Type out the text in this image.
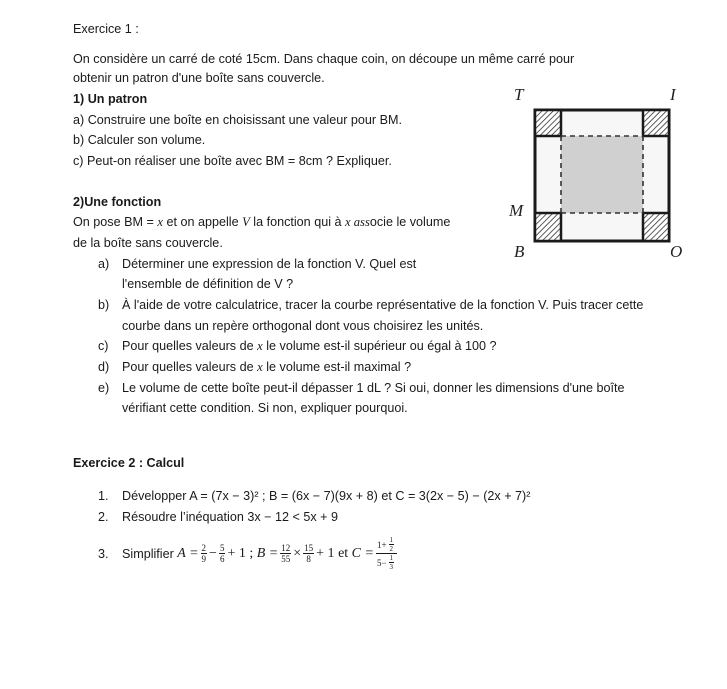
Exercice 1 :
On considère un carré de coté 15cm. Dans chaque coin, on découpe un même carré pour
obtenir un patron d'une boîte sans couvercle.
1) Un patron
a) Construire une boîte en choisissant une valeur pour BM.
b) Calculer son volume.
c) Peut-on réaliser une boîte avec BM = 8cm ? Expliquer.
2)Une fonction
On pose BM = x et on appelle V la fonction qui à x associe le volume
de la boîte sans couvercle.
a) Déterminer une expression de la fonction V. Quel est
l'ensemble de définition de V ?
b) À l'aide de votre calculatrice, tracer la courbe représentative de la fonction V. Puis tracer cette
courbe dans un repère orthogonal dont vous choisirez les unités.
c) Pour quelles valeurs de x le volume est-il supérieur ou égal à 100 ?
d) Pour quelles valeurs de x le volume est-il maximal ?
e) Le volume de cette boîte peut-il dépasser 1 dL ? Si oui, donner les dimensions d'une boîte
vérifiant cette condition. Si non, expliquer pourquoi.
T	I
M
B	O
Exercice 2 : Calcul
1. Développer A = (7x − 3)² ; B = (6x − 7)(9x + 8) et C = 3(2x − 5) − (2x + 7)²
2. Résoudre l’inéquation 3x − 12 < 5x + 9
3.	Simplifier
$A = \frac{2}{9} - \frac{5}{6} + 1$ ;
$B = \frac{12}{55} \times \frac{15}{8} + 1$
et
$C = \frac{1+ \frac{1}{2}}{5- \frac{1}{3}}$
